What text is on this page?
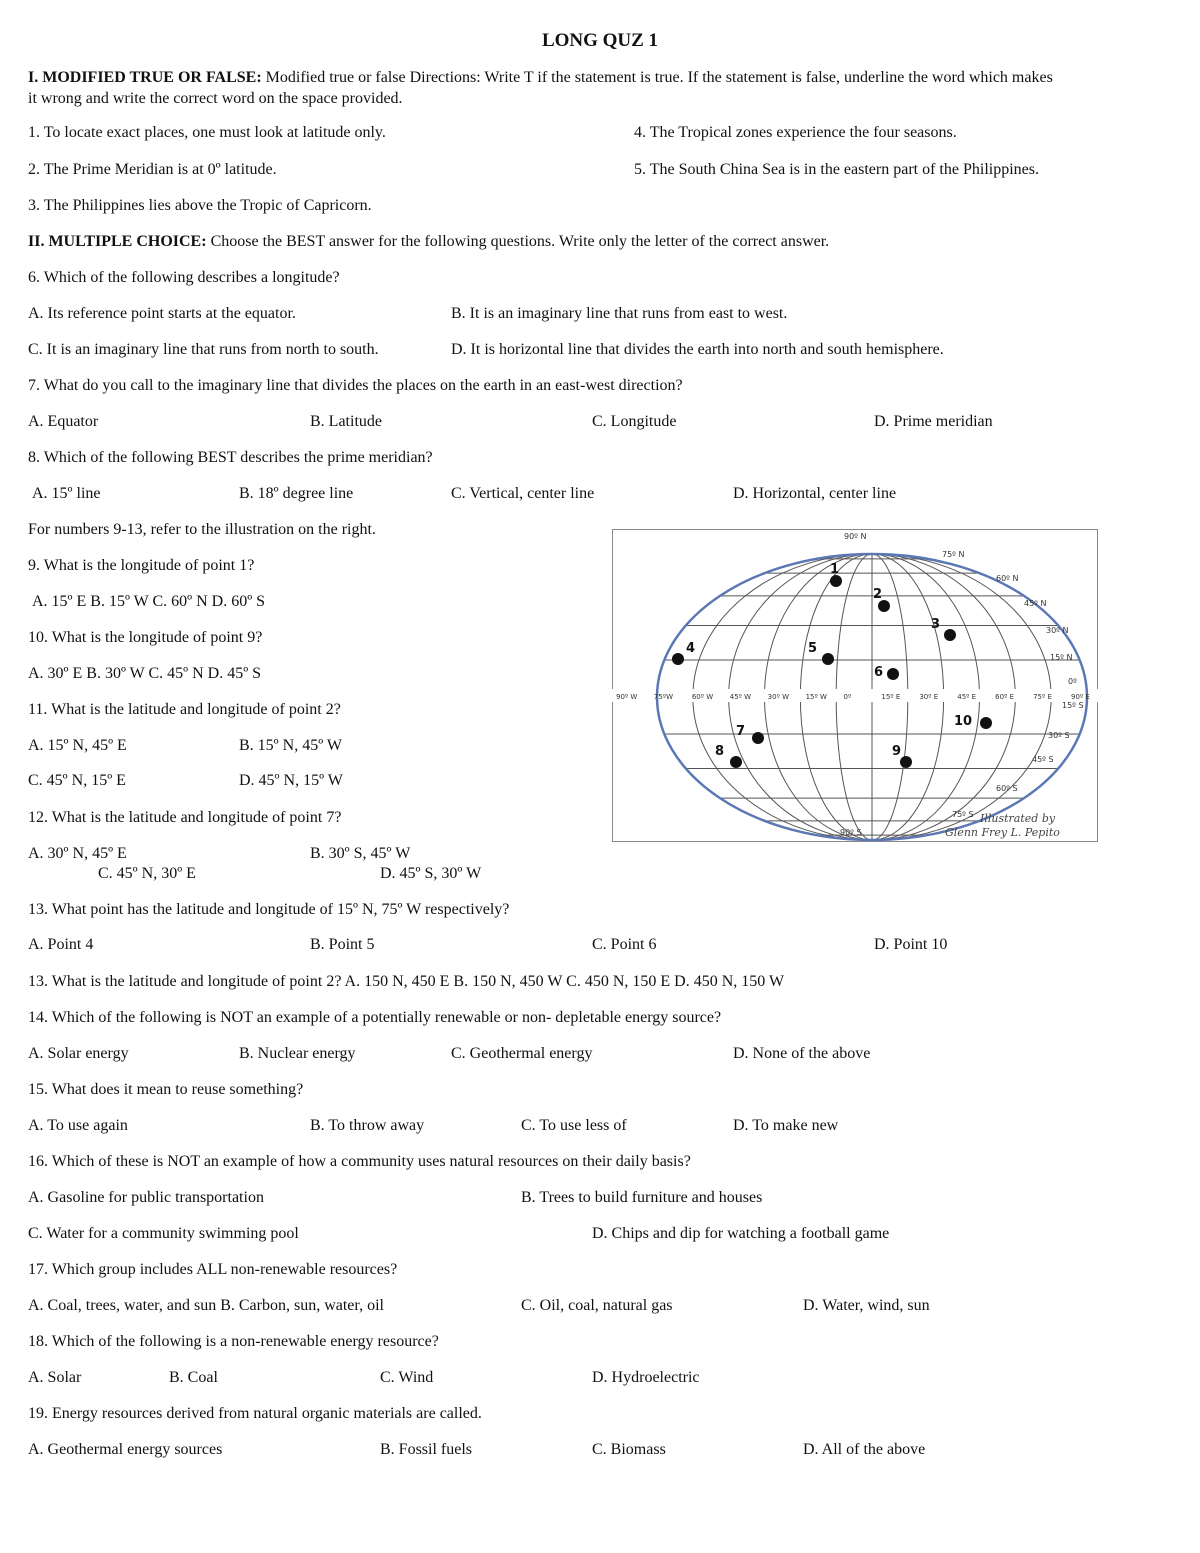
LONG QUZ 1
I. MODIFIED TRUE OR FALSE: Modified true or false Directions: Write T if the statement is true. If the statement is false, underline the word which makes
it wrong and write the correct word on the space provided.
1. To locate exact places, one must look at latitude only.	4. The Tropical zones experience the four seasons.
2. The Prime Meridian is at 0º latitude.	5. The South China Sea is in the eastern part of the Philippines.
3. The Philippines lies above the Tropic of Capricorn.
II. MULTIPLE CHOICE: Choose the BEST answer for the following questions. Write only the letter of the correct answer.
6. Which of the following describes a longitude?
A. Its reference point starts at the equator.	B. It is an imaginary line that runs from east to west.
C. It is an imaginary line that runs from north to south.	D. It is horizontal line that divides the earth into north and south hemisphere.
7. What do you call to the imaginary line that divides the places on the earth in an east-west direction?
A. Equator	B. Latitude	C. Longitude	D. Prime meridian
8. Which of the following BEST describes the prime meridian?
A. 15º line	B. 18º degree line	C. Vertical, center line	D. Horizontal, center line
For numbers 9-13, refer to the illustration on the right.
9. What is the longitude of point 1?
A. 15º E B. 15º W C. 60º N D. 60º S
10. What is the longitude of point 9?
A. 30º E B. 30º W C. 45º N D. 45º S
11. What is the latitude and longitude of point 2?
A. 15º N, 45º E	B. 15º N, 45º W
C. 45º N, 15º E	D. 45º N, 15º W
12. What is the latitude and longitude of point 7?
A. 30º N, 45º E	B. 30º S, 45º W
C. 45º N, 30º E	D. 45º S, 30º W
13. What point has the latitude and longitude of 15º N, 75º W respectively?
A. Point 4	B. Point 5	C. Point 6	D. Point 10
13. What is the latitude and longitude of point 2? A. 150 N, 450 E B. 150 N, 450 W C. 450 N, 150 E D. 450 N, 150 W
14. Which of the following is NOT an example of a potentially renewable or non- depletable energy source?
A. Solar energy	B. Nuclear energy	C. Geothermal energy	D. None of the above
15. What does it mean to reuse something?
A. To use again	B. To throw away	C. To use less of	D. To make new
16. Which of these is NOT an example of how a community uses natural resources on their daily basis?
A. Gasoline for public transportation	B. Trees to build furniture and houses
C. Water for a community swimming pool	D. Chips and dip for watching a football game
17. Which group includes ALL non-renewable resources?
A. Coal, trees, water, and sun B. Carbon, sun, water, oil	C. Oil, coal, natural gas	D. Water, wind, sun
18. Which of the following is a non-renewable energy resource?
A. Solar	B. Coal	C. Wind	D. Hydroelectric
19. Energy resources derived from natural organic materials are called.
A. Geothermal energy sources	B. Fossil fuels	C. Biomass	D. All of the above
90º N
75º N
60º N
45º N
30º N
15º N
0º
15º S
30º S
45º S
60º S
75º S
90º S
90º W 75ºW	60º W 45º W 30º W 15º W 0º	15º E	30º E	45º E	60º E	75º E	90º E
1
2
3
4	5
6
7
8	9
10
Illustrated by
Glenn Frey L. Pepito
